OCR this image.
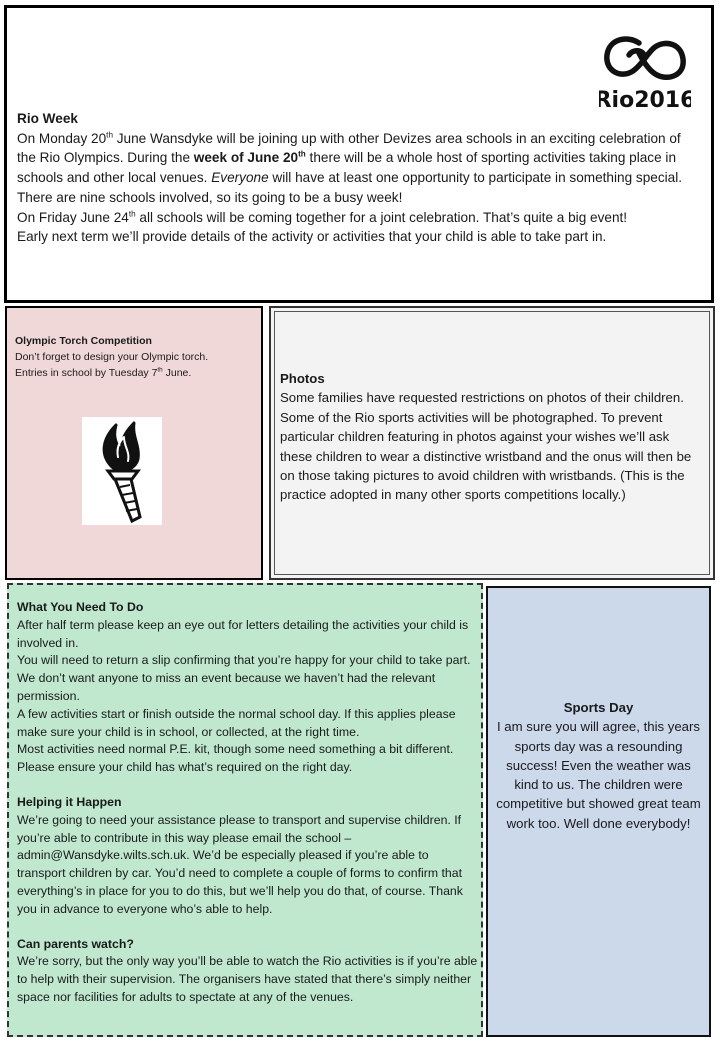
Rio2016

Rio Week

On Monday 20th June Wansdyke will be joining up with other Devizes area schools in an exciting celebration of the Rio Olympics. During the week of June 20th there will be a whole host of sporting activities taking place in schools and other local venues. Everyone will have at least one opportunity to participate in something special. There are nine schools involved, so its going to be a busy week!

On Friday June 24th all schools will be coming together for a joint celebration. That’s quite a big event!

Early next term we’ll provide details of the activity or activities that your child is able to take part in.

Olympic Torch Competition

Don’t forget to design your Olympic torch.

Entries in school by Tuesday 7th June.	Photos

Some families have requested restrictions on photos of their children. Some of the Rio sports activities will be photographed. To prevent particular children featuring in photos against your wishes we’ll ask these children to wear a distinctive wristband and the onus will then be on those taking pictures to avoid children with wristbands. (This is the practice adopted in many other sports competitions locally.)

What You Need To Do

After half term please keep an eye out for letters detailing the activities your child is involved in.

You will need to return a slip confirming that you’re happy for your child to take part. We don’t want anyone to miss an event because we haven’t had the relevant permission.

A few activities start or finish outside the normal school day. If this applies please make sure your child is in school, or collected, at the right time.

Most activities need normal P.E. kit, though some need something a bit different. Please ensure your child has what’s required on the right day.

Helping it Happen

We’re going to need your assistance please to transport and supervise children. If you’re able to contribute in this way please email the school – admin@Wansdyke.wilts.sch.uk. We’d be especially pleased if you’re able to transport children by car. You’d need to complete a couple of forms to confirm that everything’s in place for you to do this, but we’ll help you do that, of course. Thank you in advance to everyone who’s able to help.

Can parents watch?

We’re sorry, but the only way you’ll be able to watch the Rio activities is if you’re able to help with their supervision. The organisers have stated that there’s simply neither space nor facilities for adults to spectate at any of the venues.

Sports Day

I am sure you will agree, this years sports day was a resounding success! Even the weather was kind to us. The children were competitive but showed great team work too. Well done everybody!
